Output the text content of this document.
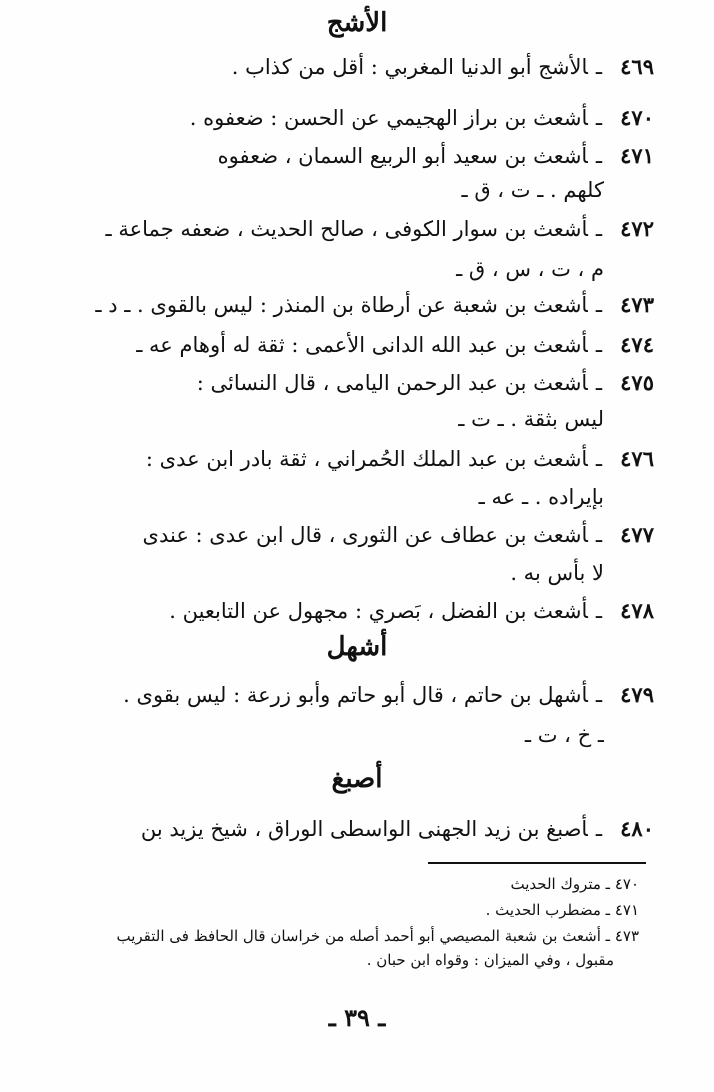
الأشج
٤٦٩ـالأشج أبو الدنيا المغربي : أقل من كذاب .
٤٧٠ـأشعث بن براز الهجيمي عن الحسن : ضعفوه .
٤٧١ـأشعث بن سعيد أبو الربيع السمان ، ضعفوه
كلهم . ـ ت ، ق ـ
٤٧٢ـأشعث بن سوار الكوفى ، صالح الحديث ، ضعفه جماعة ـ
م ، ت ، س ، ق ـ
٤٧٣ـأشعث بن شعبة عن أرطاة بن المنذر : ليس بالقوى . ـ د ـ
٤٧٤ـأشعث بن عبد الله الدانى الأعمى : ثقة له أوهام عه ـ
٤٧٥ـأشعث بن عبد الرحمن اليامى ، قال النسائى :
ليس بثقة . ـ ت ـ
٤٧٦ـأشعث بن عبد الملك الحُمراني ، ثقة بادر ابن عدى :
بإيراده . ـ عه ـ
٤٧٧ـأشعث بن عطاف عن الثورى ، قال ابن عدى : عندى
لا بأس به .
٤٧٨ـأشعث بن الفضل ، بَصري : مجهول عن التابعين .
أشهل
٤٧٩ـأشهل بن حاتم ، قال أبو حاتم وأبو زرعة : ليس بقوى .
ـ خ ، ت ـ
أصبغ
٤٨٠ـأصبغ بن زيد الجهنى الواسطى الوراق ، شيخ يزيد بن
٤٧٠ ـ متروك الحديث
٤٧١ ـ مضطرب الحديث .
٤٧٣ ـ أشعث بن شعبة المصيصي أبو أحمد أصله من خراسان قال الحافظ فى التقريب
مقبول ، وفي الميزان : وقواه ابن حبان .
ـ ٣٩ ـ
